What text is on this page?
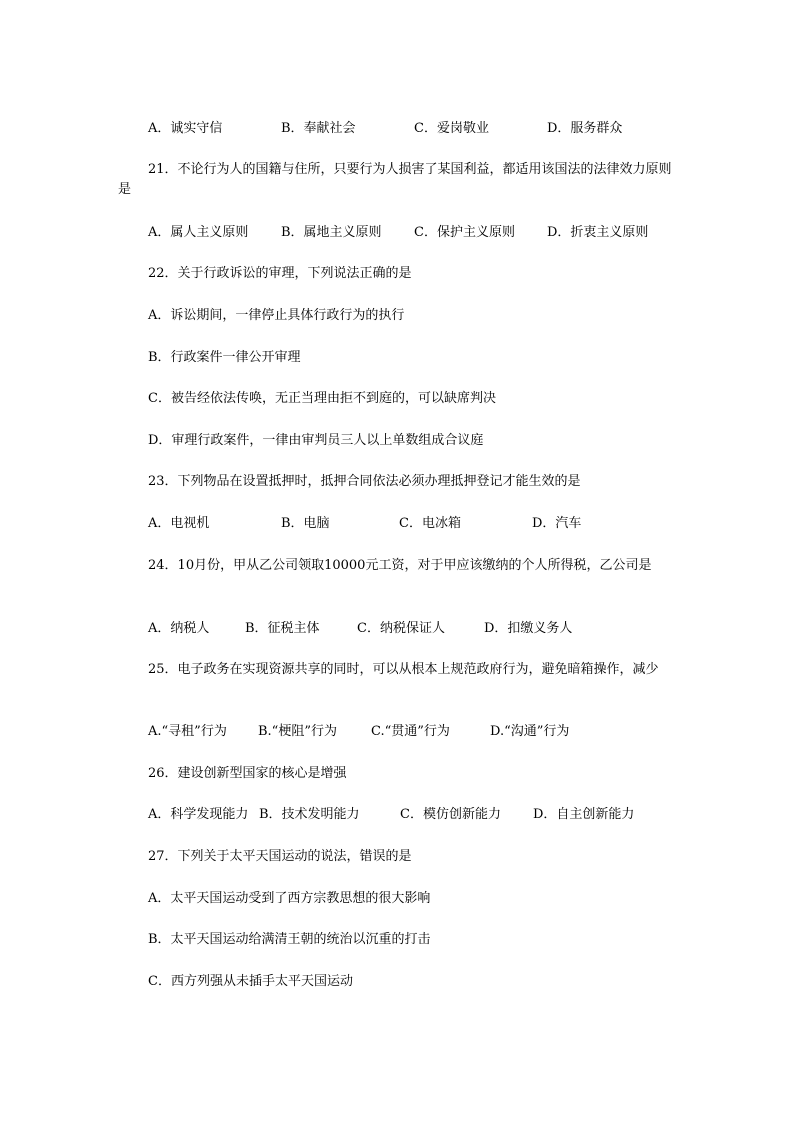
A．诚实守信	B．奉献社会	C．爱岗敬业	D．服务群众
21．不论行为人的国籍与住所，只要行为人损害了某国利益，都适用该国法的法律效力原则是
A．属人主义原则	B．属地主义原则 C．保护主义原则 D．折衷主义原则
22．关于行政诉讼的审理，下列说法正确的是
A．诉讼期间，一律停止具体行政行为的执行
B．行政案件一律公开审理
C．被告经依法传唤，无正当理由拒不到庭的，可以缺席判决
D．审理行政案件，一律由审判员三人以上单数组成合议庭
23．下列物品在设置抵押时，抵押合同依法必须办理抵押登记才能生效的是
A．电视机	B．电脑	C．电冰箱	D．汽车
24．10月份，甲从乙公司领取10000元工资，对于甲应该缴纳的个人所得税，乙公司是
A．纳税人	B．征税主体	C．纳税保证人	D．扣缴义务人
25．电子政务在实现资源共享的同时，可以从根本上规范政府行为，避免暗箱操作，减少
A.“寻租”行为 B.“梗阻”行为	C.“贯通”行为	D.“沟通”行为
26．建设创新型国家的核心是增强
A．科学发现能力 B．技术发明能力	C．模仿创新能力 D．自主创新能力
27．下列关于太平天国运动的说法，错误的是
A．太平天国运动受到了西方宗教思想的很大影响
B．太平天国运动给满清王朝的统治以沉重的打击
C．西方列强从未插手太平天国运动
